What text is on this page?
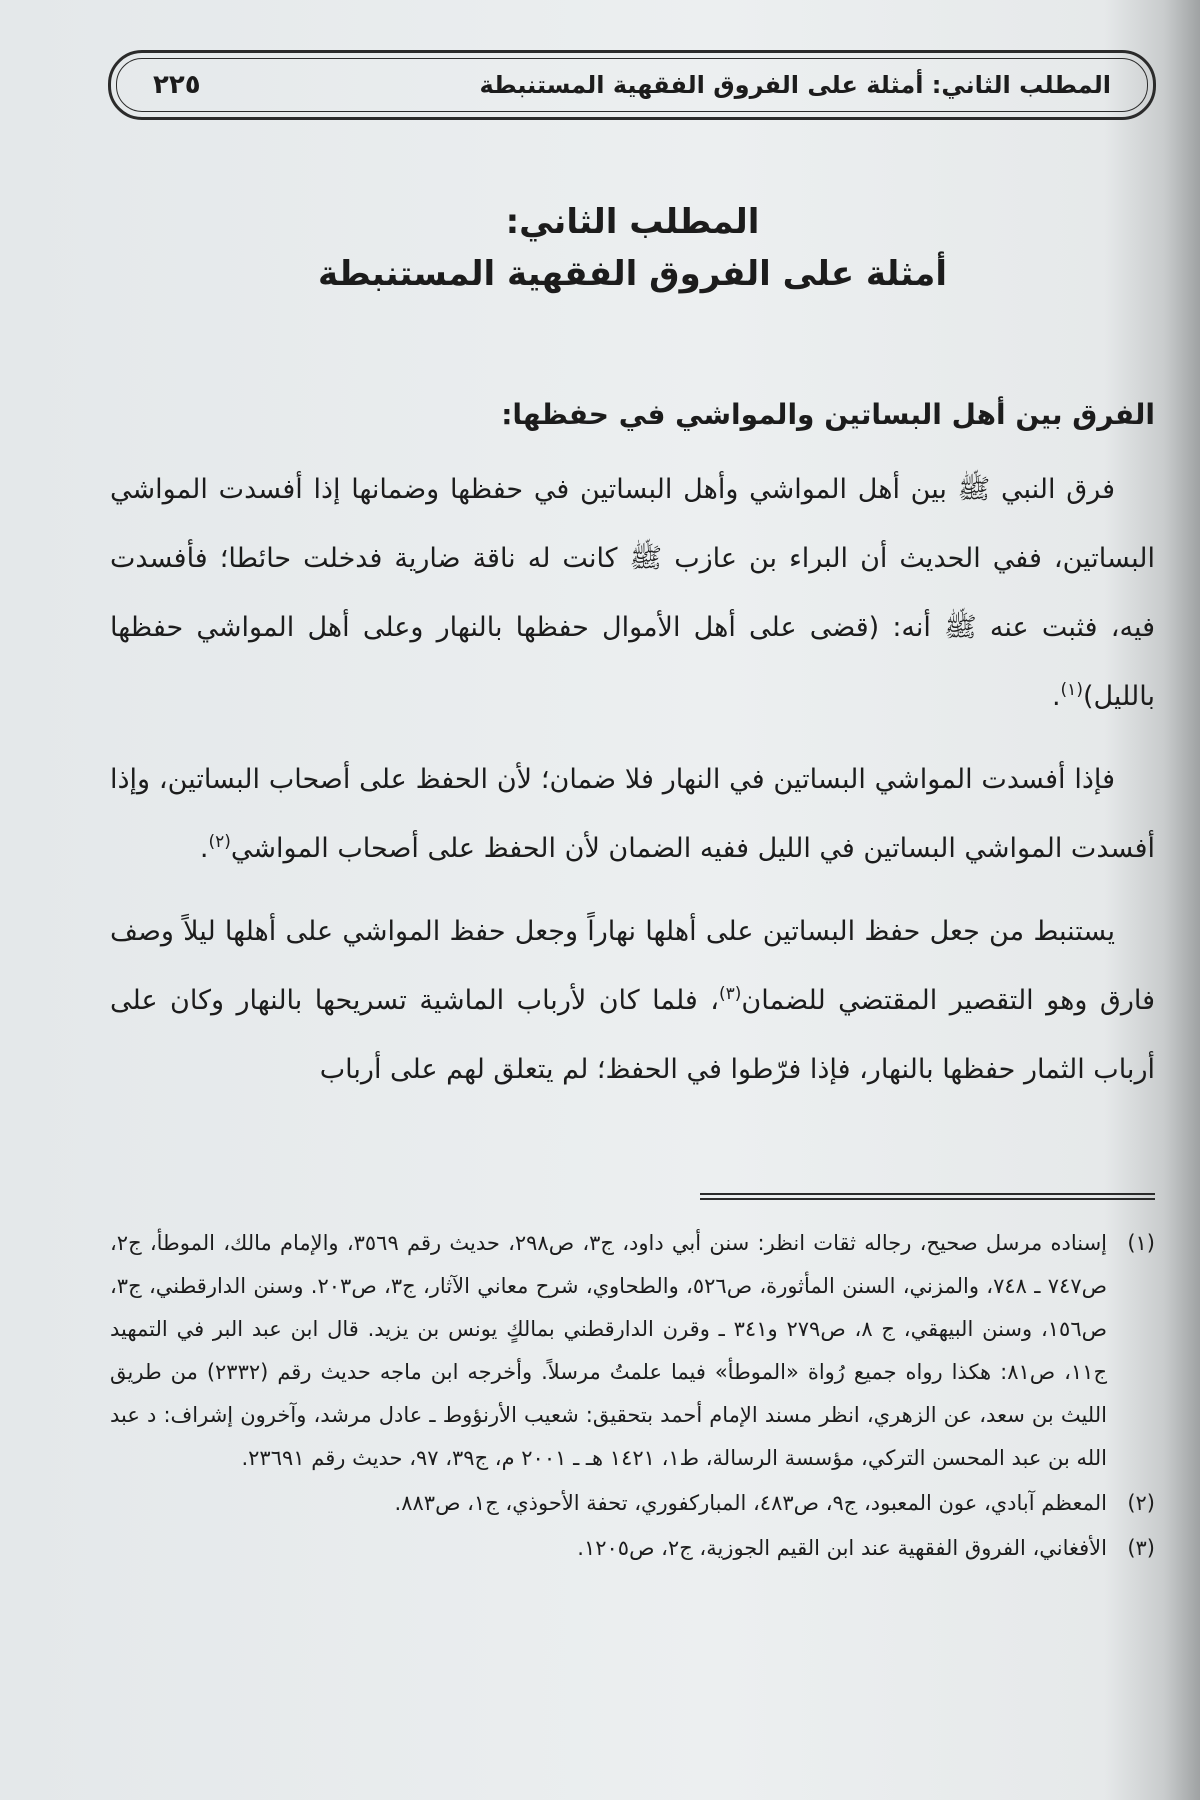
المطلب الثاني: أمثلة على الفروق الفقهية المستنبطة
٢٢٥
المطلب الثاني:
أمثلة على الفروق الفقهية المستنبطة
الفرق بين أهل البساتين والمواشي في حفظها:

فرق النبي ﷺ بين أهل المواشي وأهل البساتين في حفظها وضمانها إذا أفسدت المواشي البساتين، ففي الحديث أن البراء بن عازب ﷺ كانت له ناقة ضارية فدخلت حائطا؛ فأفسدت فيه، فثبت عنه ﷺ أنه: (قضى على أهل الأموال حفظها بالنهار وعلى أهل المواشي حفظها بالليل)$^{(١)}$.

فإذا أفسدت المواشي البساتين في النهار فلا ضمان؛ لأن الحفظ على أصحاب البساتين، وإذا أفسدت المواشي البساتين في الليل ففيه الضمان لأن الحفظ على أصحاب المواشي$^{(٢)}$.

يستنبط من جعل حفظ البساتين على أهلها نهاراً وجعل حفظ المواشي على أهلها ليلاً وصف فارق وهو التقصير المقتضي للضمان$^{(٣)}$، فلما كان لأرباب الماشية تسريحها بالنهار وكان على أرباب الثمار حفظها بالنهار، فإذا فرّطوا في الحفظ؛ لم يتعلق لهم على أرباب

(١)
إسناده مرسل صحيح، رجاله ثقات انظر: سنن أبي داود، ج٣، ص٢٩٨، حديث رقم ٣٥٦٩، والإمام مالك، الموطأ، ج٢، ص٧٤٧ ـ ٧٤٨، والمزني، السنن المأثورة، ص٥٢٦، والطحاوي، شرح معاني الآثار، ج٣، ص٢٠٣. وسنن الدارقطني، ج٣، ص١٥٦، وسنن البيهقي، ج ٨، ص٢٧٩ و٣٤١ ـ وقرن الدارقطني بمالكٍ يونس بن يزيد. قال ابن عبد البر في التمهيد ج١١، ص٨١: هكذا رواه جميع رُواة «الموطأ» فيما علمتُ مرسلاً. وأخرجه ابن ماجه حديث رقم (٢٣٣٢) من طريق الليث بن سعد، عن الزهري، انظر مسند الإمام أحمد بتحقيق: شعيب الأرنؤوط ـ عادل مرشد، وآخرون إشراف: د عبد الله بن عبد المحسن التركي، مؤسسة الرسالة، ط١، ١٤٢١ هـ ـ ٢٠٠١ م، ج٣٩، ٩٧، حديث رقم ٢٣٦٩١.
(٢)
المعظم آبادي، عون المعبود، ج٩، ص٤٨٣، المباركفوري، تحفة الأحوذي، ج١، ص٨٨٣.
(٣)
الأفغاني، الفروق الفقهية عند ابن القيم الجوزية، ج٢، ص١٢٠٥.
